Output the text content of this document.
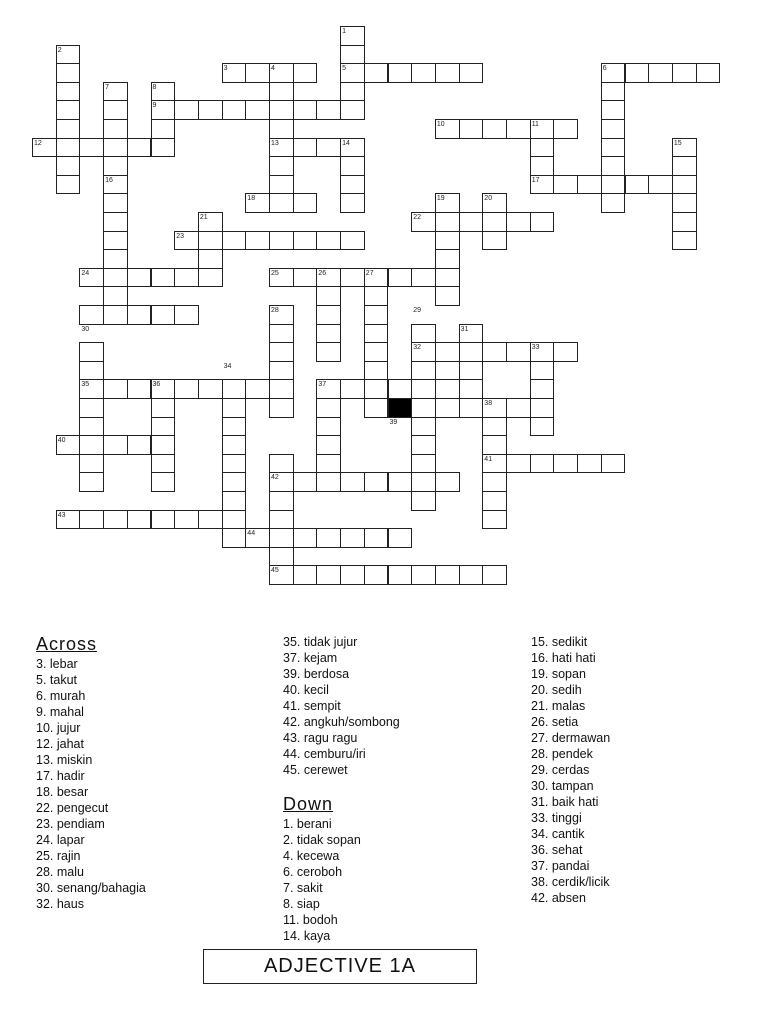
1
2
3	4	5	6
7	8
9
10	11
12	13	14	15
16	17
18	19	20
21	22
23
24	25	26	27
28	29
30	31
32	33
34
35	36	37
38
39
40
41
42
43
44
45
Across
3. lebar
5. takut
6. murah
9. mahal
10. jujur
12. jahat
13. miskin
17. hadir
18. besar
22. pengecut
23. pendiam
24. lapar
25. rajin
28. malu
30. senang/bahagia
32. haus
35. tidak jujur
37. kejam
39. berdosa
40. kecil
41. sempit
42. angkuh/sombong
43. ragu ragu
44. cemburu/iri
45. cerewet
Down
1. berani
2. tidak sopan
4. kecewa
6. ceroboh
7. sakit
8. siap
11. bodoh
14. kaya
15. sedikit
16. hati hati
19. sopan
20. sedih
21. malas
26. setia
27. dermawan
28. pendek
29. cerdas
30. tampan
31. baik hati
33. tinggi
34. cantik
36. sehat
37. pandai
38. cerdik/licik
42. absen
ADJECTIVE 1A
